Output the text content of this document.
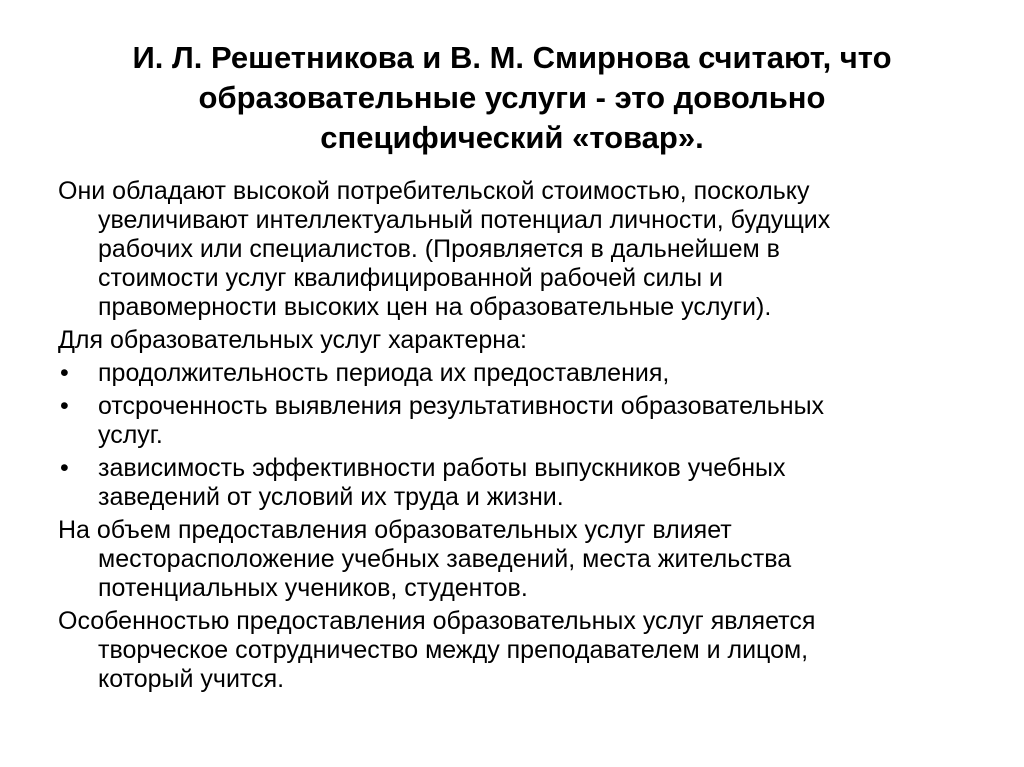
И. Л. Решетникова и В. М. Смирнова считают, что
образовательные услуги - это довольно
специфический «товар».
Они обладают высокой потребительской стоимостью, поскольку
увеличивают интеллектуальный потенциал личности, будущих
рабочих или специалистов. (Проявляется в дальнейшем в
стоимости услуг квалифицированной рабочей силы и
правомерности высоких цен на образовательные услуги).
Для образовательных услуг характерна:
• продолжительность периода их предоставления,
• отсроченность выявления результативности образовательных
услуг.
• зависимость эффективности работы выпускников учебных
заведений от условий их труда и жизни.
На объем предоставления образовательных услуг влияет
месторасположение учебных заведений, места жительства
потенциальных учеников, студентов.
Особенностью предоставления образовательных услуг является
творческое сотрудничество между преподавателем и лицом,
который учится.
